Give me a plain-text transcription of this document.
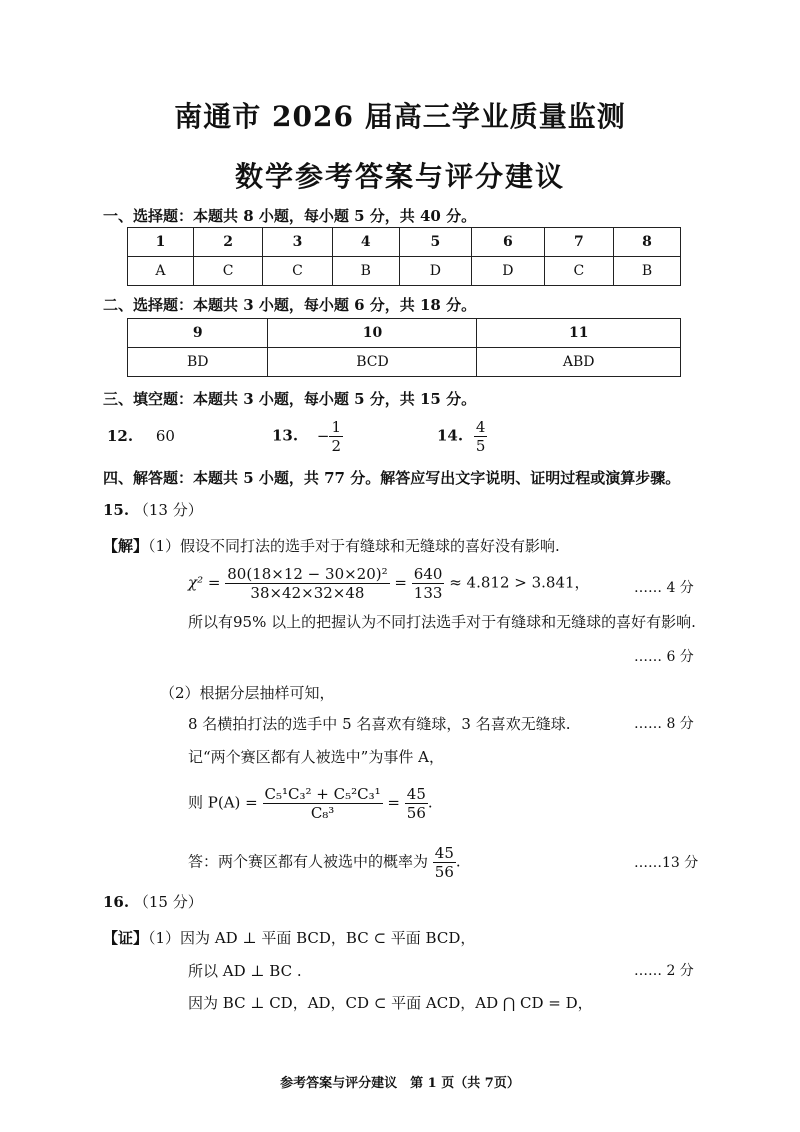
南通市 2026 届高三学业质量监测
数学参考答案与评分建议
一、选择题：本题共 8 小题，每小题 5 分，共 40 分。
1	2	3	4	5	6	7	8
A	C	C	B	D	D	C	B
二、选择题：本题共 3 小题，每小题 6 分，共 18 分。
9	10	11
BD	BCD	ABD
三、填空题：本题共 3 小题，每小题 5 分，共 15 分。
12. 60	13. − $\frac{1}{2}$	14. $\frac{4}{5}$
四、解答题：本题共 5 小题，共 77 分。解答应写出文字说明、证明过程或演算步骤。
15. （13 分）
【解】（1）假设不同打法的选手对于有缝球和无缝球的喜好没有影响.
$\chi^2 = \frac{\text{80(18×12 − 30×20)²}}{38\times 42\times 32\times 48} = \frac{640}{133} \approx 4.812 > 3.841$，	…… 4 分
所以有95% 以上的把握认为不同打法选手对于有缝球和无缝球的喜好有影响.
…… 6 分
（2）根据分层抽样可知，
8 名横拍打法的选手中 5 名喜欢有缝球，3 名喜欢无缝球.	…… 8 分
记“两个赛区都有人被选中”为事件 A，
则 $P(A) = \frac{\text{C₅¹C₃² + C₅²C₃¹}}{\text{C₈³}} = \frac{45}{56}$ .
答：两个赛区都有人被选中的概率为 $\frac{45}{56}$ .	……13 分
16. （15 分）
【证】（1）因为 AD ⊥ 平面 BCD，BC ⊂ 平面 BCD，
所以 AD ⊥ BC .	…… 2 分
因为 BC ⊥ CD，AD，CD ⊂ 平面 ACD，AD ⋂ CD = D，
参考答案与评分建议　第 1 页（共 7页）
